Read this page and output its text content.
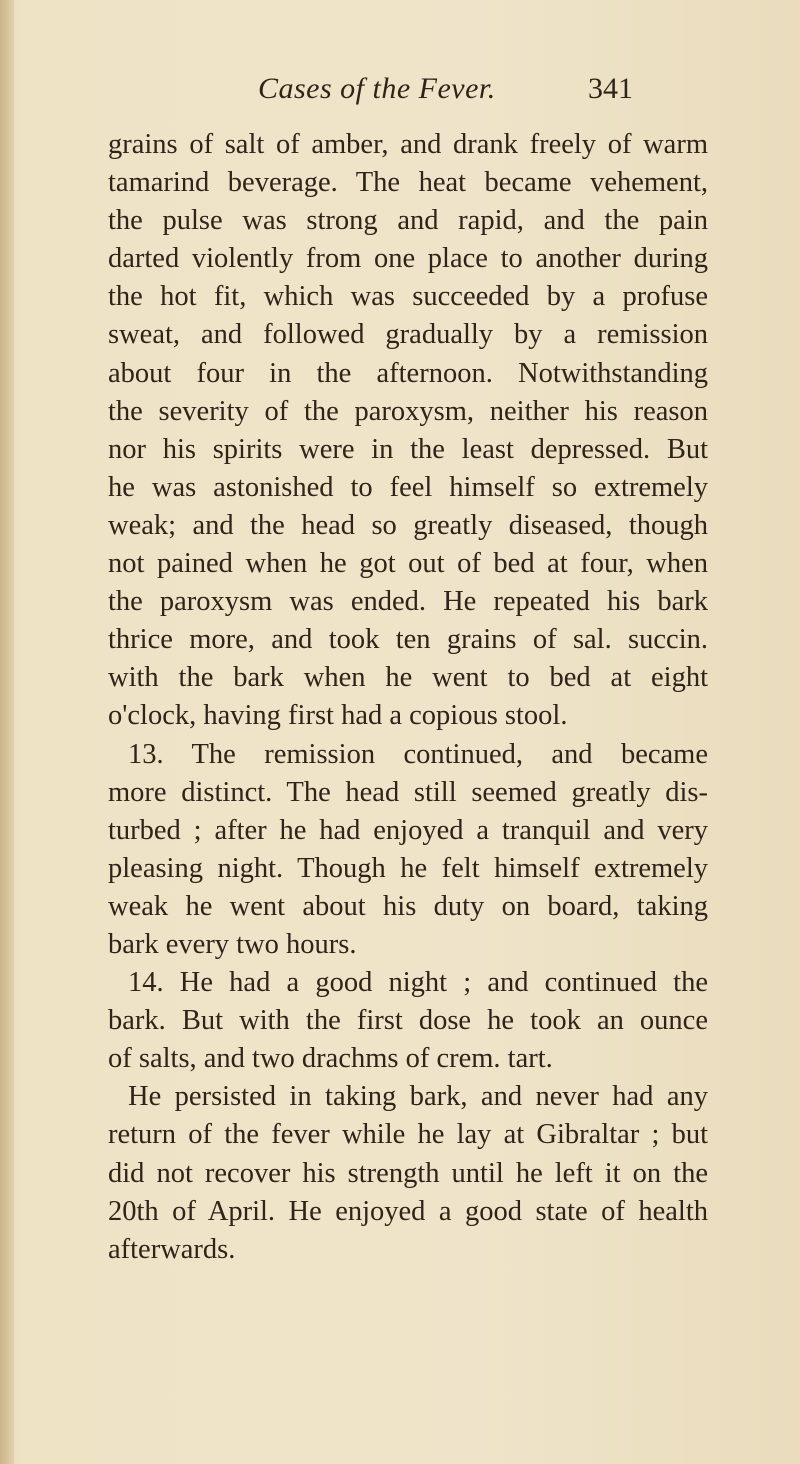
Cases of the Fever.	341
grains of salt of amber, and drank freely of warm
tamarind beverage. The heat became vehement,
the pulse was strong and rapid, and the pain
darted violently from one place to another during
the hot fit, which was succeeded by a profuse
sweat, and followed gradually by a remission
about four in the afternoon. Notwithstanding
the severity of the paroxysm, neither his reason
nor his spirits were in the least depressed. But
he was astonished to feel himself so extremely
weak; and the head so greatly diseased, though
not pained when he got out of bed at four, when
the paroxysm was ended. He repeated his bark
thrice more, and took ten grains of sal. succin.
with the bark when he went to bed at eight
o'clock, having first had a copious stool.
13. The remission continued, and became
more distinct. The head still seemed greatly dis-
turbed ; after he had enjoyed a tranquil and very
pleasing night. Though he felt himself extremely
weak he went about his duty on board, taking
bark every two hours.
14. He had a good night ; and continued the
bark. But with the first dose he took an ounce
of salts, and two drachms of crem. tart.
He persisted in taking bark, and never had any
return of the fever while he lay at Gibraltar ; but
did not recover his strength until he left it on the
20th of April. He enjoyed a good state of health
afterwards.
